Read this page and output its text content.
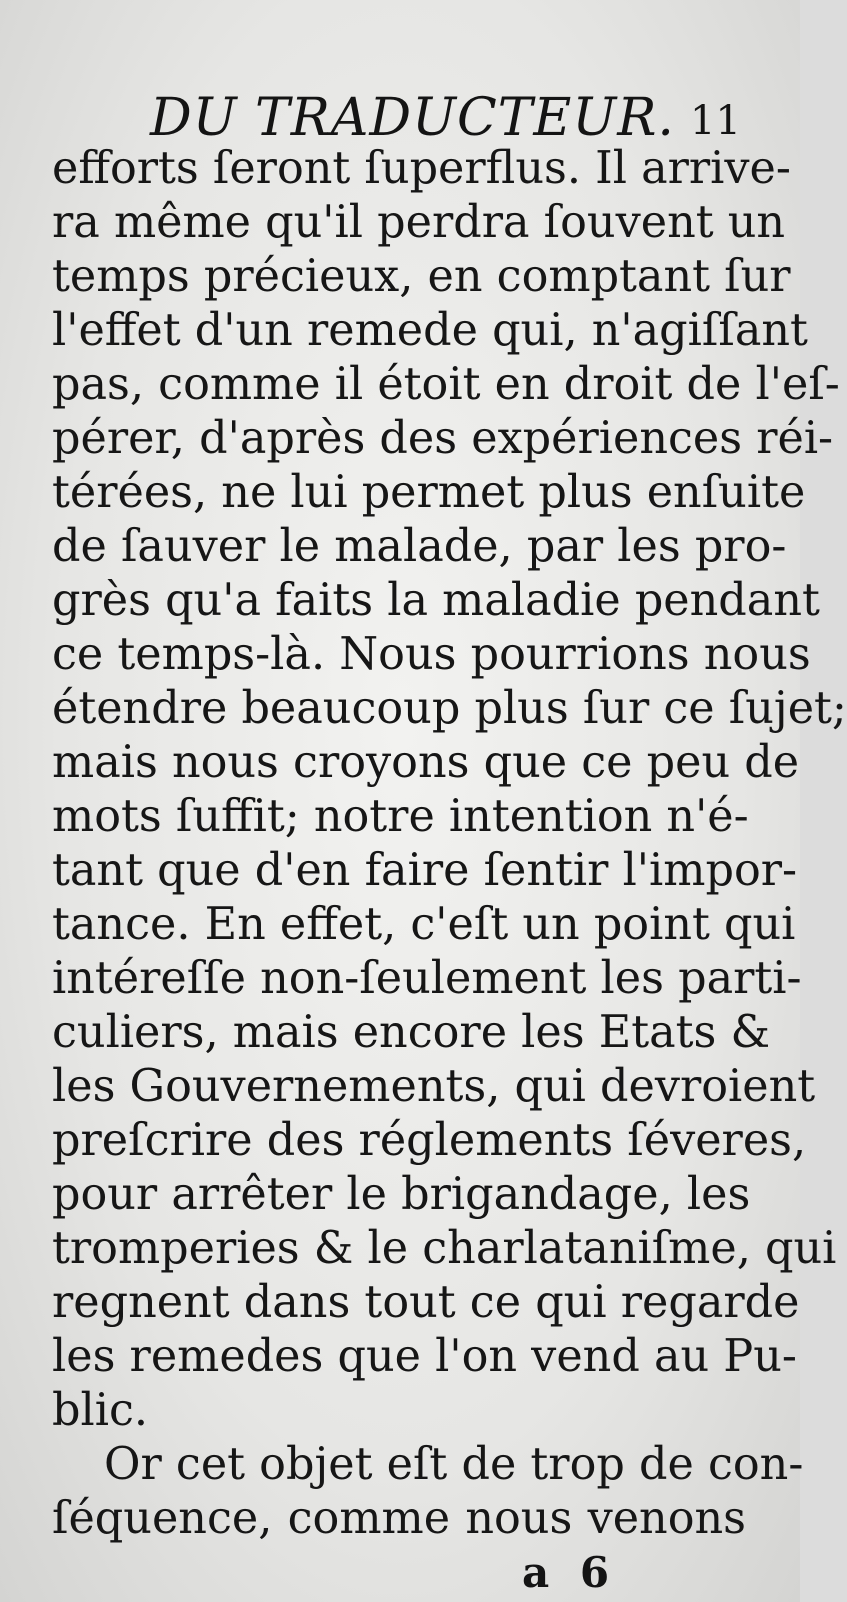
DU TRADUCTEUR. 11
efforts ſeront ſuperflus. Il arrive-
ra même qu'il perdra ſouvent un
temps précieux, en comptant ſur
l'effet d'un remede qui, n'agiſſant
pas, comme il étoit en droit de l'eſ-
pérer, d'après des expériences réi-
térées, ne lui permet plus enſuite
de ſauver le malade, par les pro-
grès qu'a faits la maladie pendant
ce temps-là. Nous pourrions nous
étendre beaucoup plus ſur ce ſujet;
mais nous croyons que ce peu de
mots ſuffit; notre intention n'é-
tant que d'en faire ſentir l'impor-
tance. En effet, c'eſt un point qui
intéreſſe non-ſeulement les parti-
culiers, mais encore les Etats &
les Gouvernements, qui devroient
preſcrire des réglements ſéveres,
pour arrêter le brigandage, les
tromperies & le charlataniſme, qui
regnent dans tout ce qui regarde
les remedes que l'on vend au Pu-
blic.
Or cet objet eſt de trop de con-
ſéquence, comme nous venons
a 6
